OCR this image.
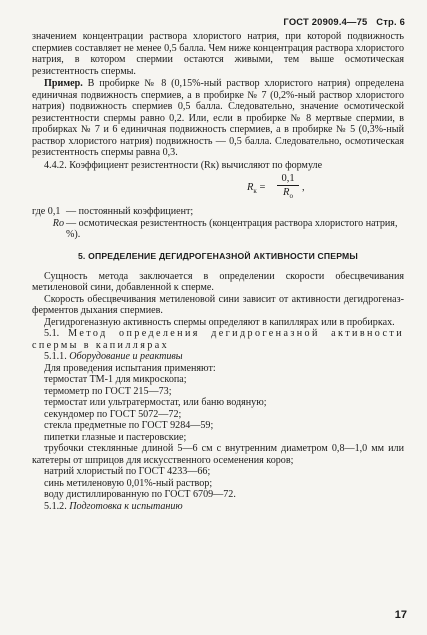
ГОСТ 20909.4—75 Стр. 6

значением концентрации раствора хлористого натрия, при которой подвижность спермиев составляет не менее 0,5 балла. Чем ниже концентрация раствора хлористого натрия, в котором спермии остаются живыми, тем выше осмотическая резистентность спермы.

Пример. В пробирке № 8 (0,15%-ный раствор хлористого натрия) определена единичная подвижность спермиев, а в пробирке № 7 (0,2%-ный раствор хлористого натрия) подвижность спермиев 0,5 балла. Следовательно, значение осмотической резистентности спермы равно 0,2. Или, если в пробирке № 8 мертвые спермии, в пробирках № 7 и 6 единичная подвижность спермиев, а в пробирке № 5 (0,3%-ный раствор хлористого натрия) подвижность — 0,5 балла. Следовательно, осмотическая резистентность спермы равна 0,3.

4.4.2. Коэффициент резистентности (Rк) вычисляют по формуле

$R_к$ =
0,1
$R_о$
,
где 0,1 — постоянный коэффициент;
Rо — осмотическая резистентность (концентрация раствора хлористого натрия, %).
5. ОПРЕДЕЛЕНИЕ ДЕГИДРОГЕНАЗНОЙ АКТИВНОСТИ СПЕРМЫ

Сущность метода заключается в определении скорости обесцвечивания метиленовой сини, добавленной к сперме.

Скорость обесцвечивания метиленовой сини зависит от активности дегидрогеназ-ферментов дыхания спермиев.

Дегидрогеназную активность спермы определяют в капиллярах или в пробирках.

5.1. Метод определения дегидрогеназной активности спермы в капиллярах

5.1.1. Оборудование и реактивы

Для проведения испытания применяют:

термостат ТМ-1 для микроскопа;

термометр по ГОСТ 215—73;

термостат или ультратермостат, или баню водяную;

секундомер по ГОСТ 5072—72;

стекла предметные по ГОСТ 9284—59;

пипетки глазные и пастеровские;

трубочки стеклянные длиной 5—6 см с внутренним диаметром 0,8—1,0 мм или катетеры от шприцов для искусственного осеменения коров;

натрий хлористый по ГОСТ 4233—66;

синь метиленовую 0,01%-ный раствор;

воду дистиллированную по ГОСТ 6709—72.

5.1.2. Подготовка к испытанию

17
